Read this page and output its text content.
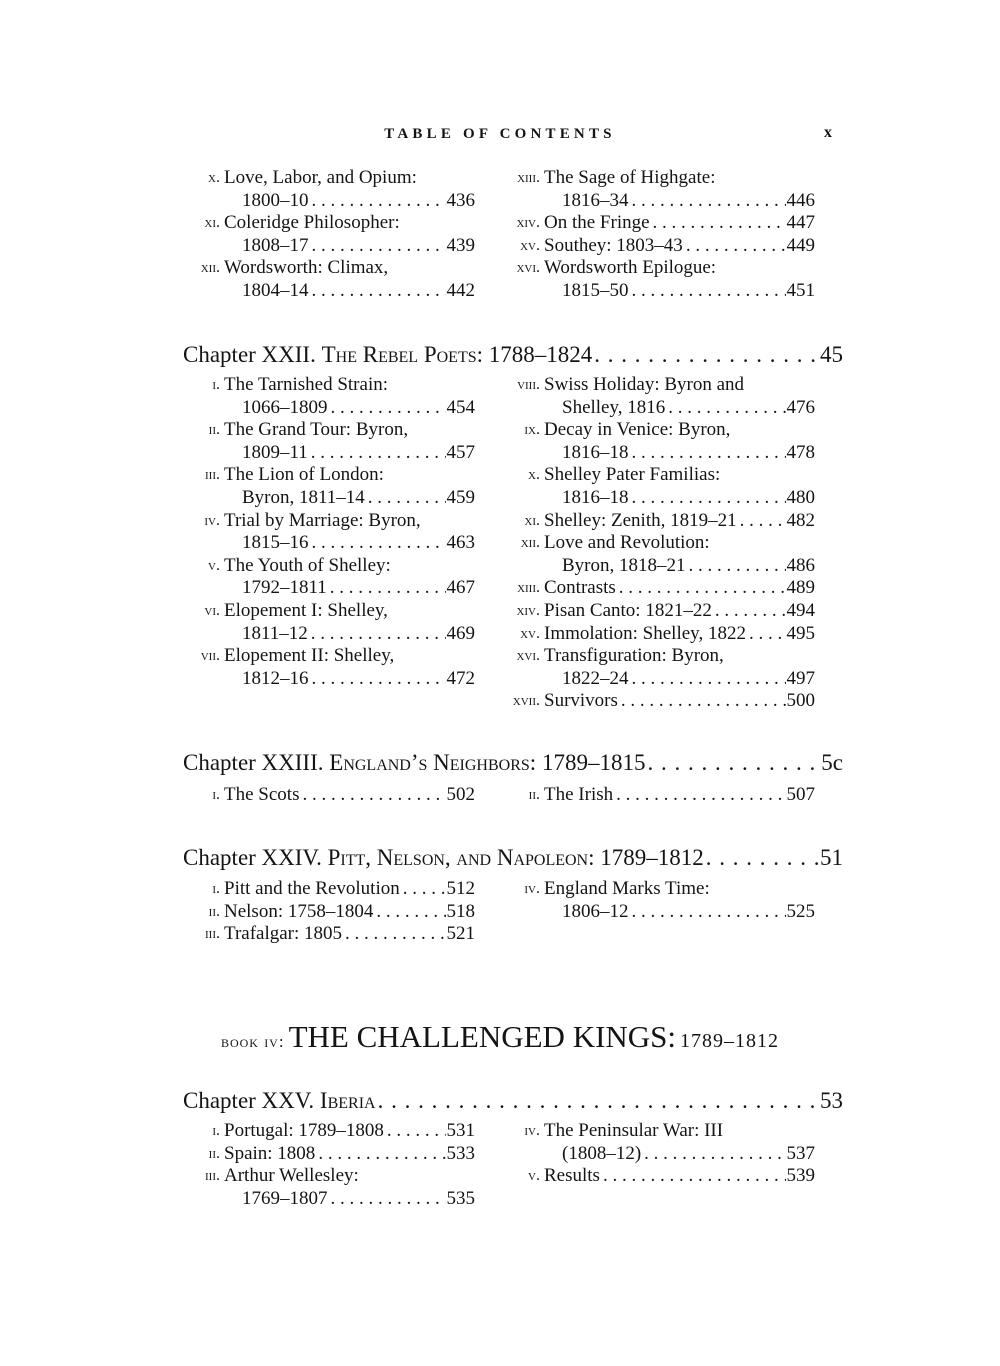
TABLE OF CONTENTS	x
x. Love, Labor, and Opium:
1800–10 . . .	436
xi. Coleridge Philosopher:
1808–17 . . .	439
xii. Wordsworth: Climax,
1804–14 . . .	442
xiii. The Sage of Highgate:
1816–34 . . .	446
xiv. On the Fringe . . .	447
xv. Southey: 1803–43 . . .	449
xvi. Wordsworth Epilogue:
1815–50 . . .	451
Chapter XXII.
The Rebel Poets:
1788–1824 . . .	45
i. The Tarnished Strain:
1066–1809 . . .	454
ii. The Grand Tour: Byron,
1809–11 . . .	457
iii. The Lion of London:
Byron, 1811–14 . . .	459
iv. Trial by Marriage: Byron,
1815–16 . . .	463
v. The Youth of Shelley:
1792–1811 . . .	467
vi. Elopement I: Shelley,
1811–12 . . .	469
vii. Elopement II: Shelley,
1812–16 . . .	472
viii. Swiss Holiday: Byron and
Shelley, 1816 . . .	476
ix. Decay in Venice: Byron,
1816–18 . . .	478
x. Shelley Pater Familias:
1816–18 . . .	480
xi. Shelley: Zenith, 1819–21 . . .	482
xii. Love and Revolution:
Byron, 1818–21 . . .	486
xiii. Contrasts . . .	489
xiv. Pisan Canto: 1821–22 . . .	494
xv. Immolation: Shelley, 1822 . . . 495
xvi. Transfiguration: Byron,
1822–24 . . .	497
xvii. Survivors . . .	500
Chapter XXIII.
England’s Neighbors:
1789–1815 . . .	5c
i. The Scots . . .	502	ii. The Irish . . .	507
Chapter XXIV.
Pitt, Nelson, and Napoleon:
1789–1812 . . .	51
i. Pitt and the Revolution . . . 512
ii. Nelson: 1758–1804 . . .	518
iii. Trafalgar: 1805 . . .	521
iv. England Marks Time:
1806–12 . . .	525
book iv: THE CHALLENGED KINGS: 1789–1812
Chapter XXV.
Iberia . . .	53
i. Portugal: 1789–1808 . . .	531
ii. Spain: 1808 . . .	533
iii. Arthur Wellesley:
1769–1807 . . .	535
iv. The Peninsular War: III
(1808–12) . . .	537
v. Results . . .	539
